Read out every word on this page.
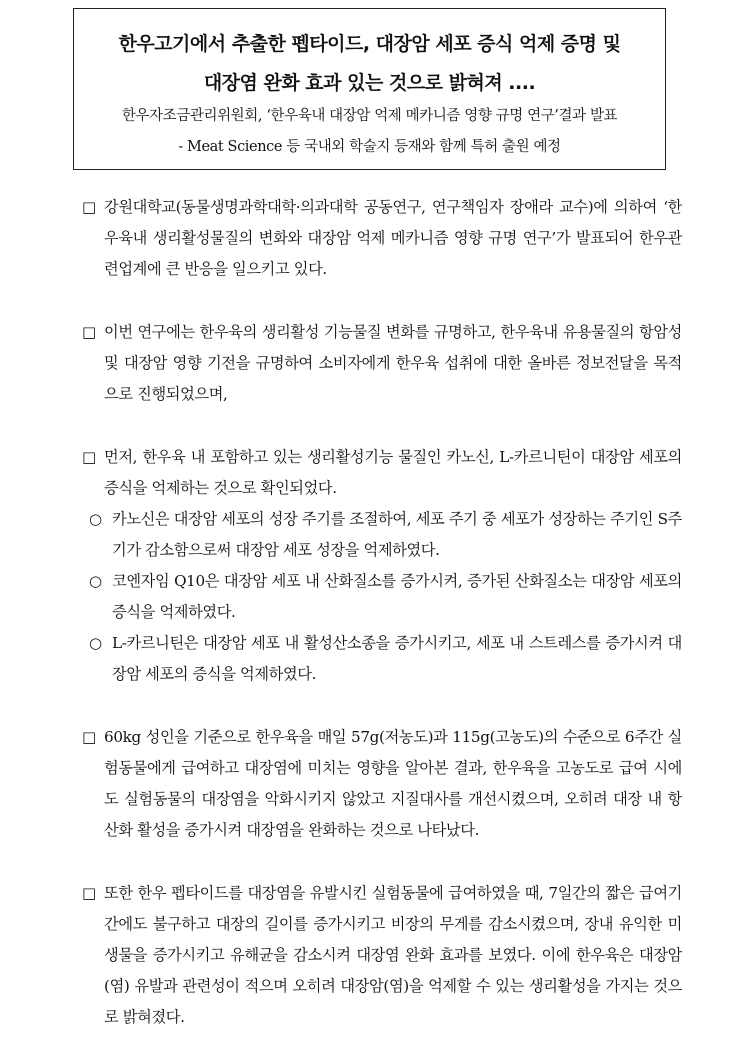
한우고기에서 추출한 펩타이드, 대장암 세포 증식 억제 증명 및
대장염 완화 효과 있는 것으로 밝혀져 ....
한우자조금관리위원회, ‘한우육내 대장암 억제 메카니즘 영향 규명 연구’결과 발표
- Meat Science 등 국내외 학술지 등재와 함께 특허 출원 예정
□ 강원대학교(동물생명과학대학·의과대학 공동연구, 연구책임자 장애라 교수)에 의하여 ‘한우육내 생리활성물질의 변화와 대장암 억제 메카니즘 영향 규명 연구’가 발표되어 한우관련업계에 큰 반응을 일으키고 있다.
□ 이번 연구에는 한우육의 생리활성 기능물질 변화를 규명하고, 한우육내 유용물질의 항암성 및 대장암 영향 기전을 규명하여 소비자에게 한우육 섭취에 대한 올바른 정보전달을 목적으로 진행되었으며,
□ 먼저, 한우육 내 포함하고 있는 생리활성기능 물질인 카노신, L-카르니틴이 대장암 세포의 증식을 억제하는 것으로 확인되었다.
○ 카노신은 대장암 세포의 성장 주기를 조절하여, 세포 주기 중 세포가 성장하는 주기인 S주기가 감소함으로써 대장암 세포 성장을 억제하였다.
○ 코엔자임 Q10은 대장암 세포 내 산화질소를 증가시켜, 증가된 산화질소는 대장암 세포의 증식을 억제하였다.
○ L-카르니틴은 대장암 세포 내 활성산소종을 증가시키고, 세포 내 스트레스를 증가시켜 대장암 세포의 증식을 억제하였다.
□ 60kg 성인을 기준으로 한우육을 매일 57g(저농도)과 115g(고농도)의 수준으로 6주간 실험동물에게 급여하고 대장염에 미치는 영향을 알아본 결과, 한우육을 고농도로 급여 시에도 실험동물의 대장염을 악화시키지 않았고 지질대사를 개선시켰으며, 오히려 대장 내 항산화 활성을 증가시켜 대장염을 완화하는 것으로 나타났다.
□ 또한 한우 펩타이드를 대장염을 유발시킨 실험동물에 급여하였을 때, 7일간의 짧은 급여기간에도 불구하고 대장의 길이를 증가시키고 비장의 무게를 감소시켰으며, 장내 유익한 미생물을 증가시키고 유해균을 감소시켜 대장염 완화 효과를 보였다. 이에 한우육은 대장암(염) 유발과 관련성이 적으며 오히려 대장암(염)을 억제할 수 있는 생리활성을 가지는 것으로 밝혀졌다.
